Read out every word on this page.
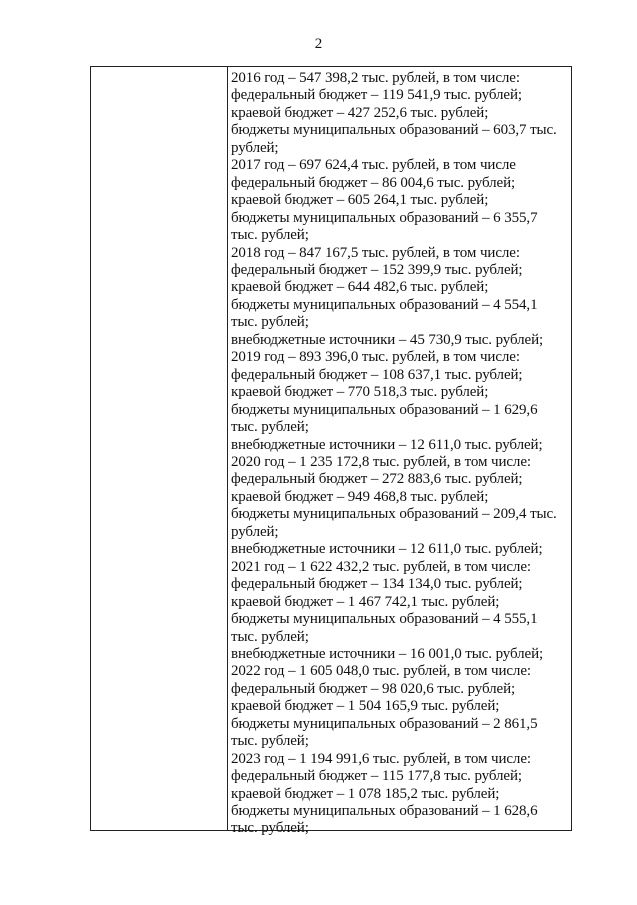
2
2016 год – 547 398,2 тыс. рублей, в том числе:
федеральный бюджет – 119 541,9 тыс. рублей;
краевой бюджет – 427 252,6 тыс. рублей;
бюджеты муниципальных образований – 603,7 тыс.
рублей;
2017 год – 697 624,4 тыс. рублей, в том числе
федеральный бюджет – 86 004,6 тыс. рублей;
краевой бюджет – 605 264,1 тыс. рублей;
бюджеты муниципальных образований – 6 355,7
тыс. рублей;
2018 год – 847 167,5 тыс. рублей, в том числе:
федеральный бюджет – 152 399,9 тыс. рублей;
краевой бюджет – 644 482,6 тыс. рублей;
бюджеты муниципальных образований – 4 554,1
тыс. рублей;
внебюджетные источники – 45 730,9 тыс. рублей;
2019 год – 893 396,0 тыс. рублей, в том числе:
федеральный бюджет – 108 637,1 тыс. рублей;
краевой бюджет – 770 518,3 тыс. рублей;
бюджеты муниципальных образований – 1 629,6
тыс. рублей;
внебюджетные источники – 12 611,0 тыс. рублей;
2020 год – 1 235 172,8 тыс. рублей, в том числе:
федеральный бюджет – 272 883,6 тыс. рублей;
краевой бюджет – 949 468,8 тыс. рублей;
бюджеты муниципальных образований – 209,4 тыс.
рублей;
внебюджетные источники – 12 611,0 тыс. рублей;
2021 год – 1 622 432,2 тыс. рублей, в том числе:
федеральный бюджет – 134 134,0 тыс. рублей;
краевой бюджет – 1 467 742,1 тыс. рублей;
бюджеты муниципальных образований – 4 555,1
тыс. рублей;
внебюджетные источники – 16 001,0 тыс. рублей;
2022 год – 1 605 048,0 тыс. рублей, в том числе:
федеральный бюджет – 98 020,6 тыс. рублей;
краевой бюджет – 1 504 165,9 тыс. рублей;
бюджеты муниципальных образований – 2 861,5
тыс. рублей;
2023 год – 1 194 991,6 тыс. рублей, в том числе:
федеральный бюджет – 115 177,8 тыс. рублей;
краевой бюджет – 1 078 185,2 тыс. рублей;
бюджеты муниципальных образований – 1 628,6
тыс. рублей;
